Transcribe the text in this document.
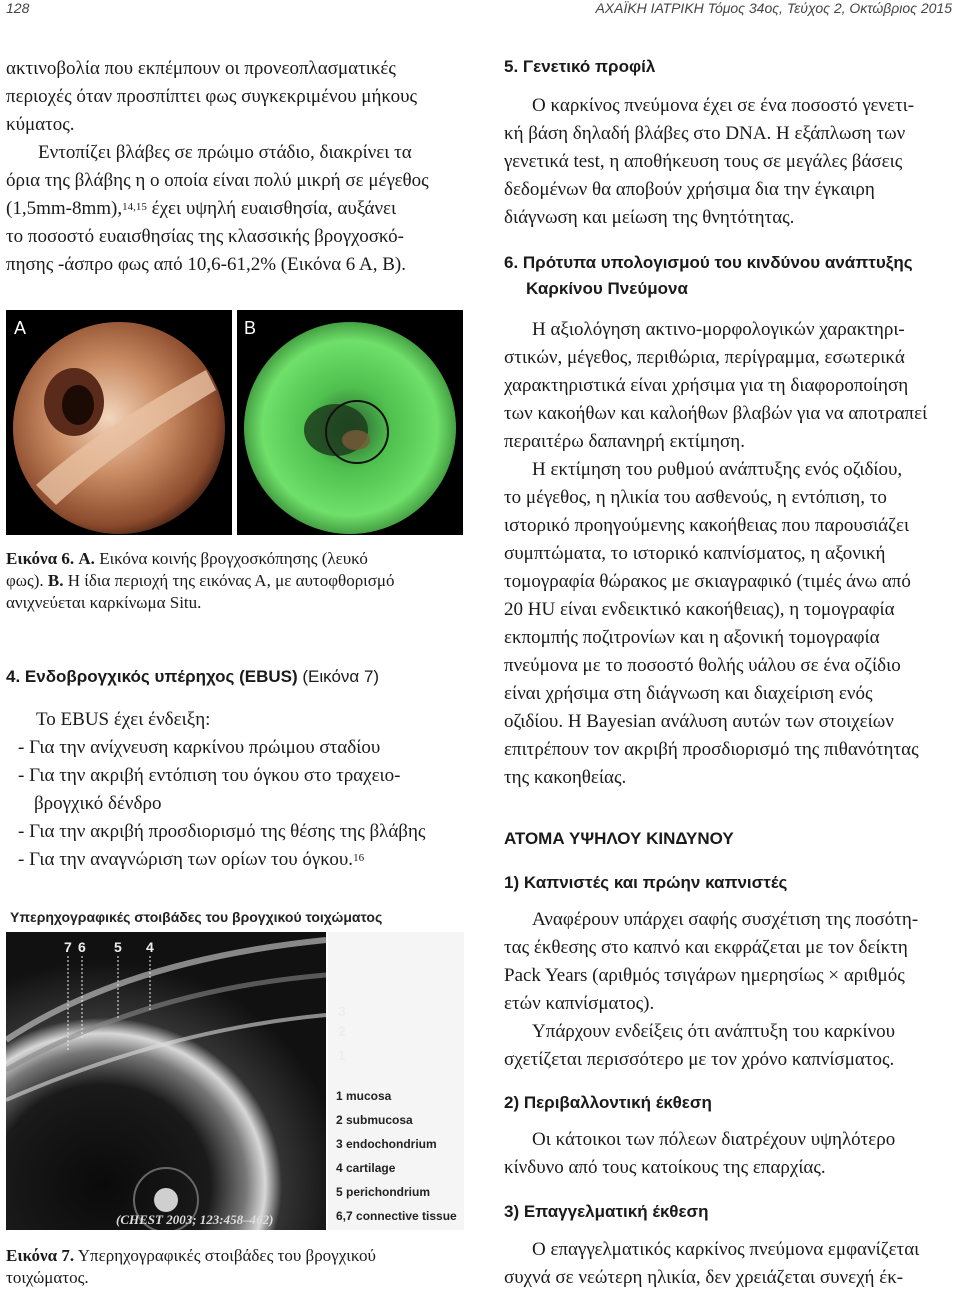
128	ΑΧΑΪΚΗ ΙΑΤΡΙΚΗ Τόμος 34ος, Τεύχος 2, Οκτώβριος 2015
ακτινοβολία που εκπέμπουν οι προνεοπλασματικές
περιοχές όταν προσπίπτει φως συγκεκριμένου μήκους
κύματος.
Εντοπίζει βλάβες σε πρώιμο στάδιο, διακρίνει τα
όρια της βλάβης η ο οποία είναι πολύ μικρή σε μέγεθος
(1,5mm-8mm),$^{14,15}$ έχει υψηλή ευαισθησία, αυξάνει
το ποσοστό ευαισθησίας της κλασσικής βρογχοσκό-
πησης -άσπρο φως από 10,6-61,2% (Εικόνα 6 Α, Β).
Α	Β
Εικόνα 6. Α. Εικόνα κοινής βρογχοσκόπησης (λευκό
φως). Β. Η ίδια περιοχή της εικόνας Α, με αυτοφθορισμό
ανιχνεύεται καρκίνωμα Situ.
4. Ενδοβρογχικός υπέρηχος (EBUS) (Εικόνα 7)
Το EBUS έχει ένδειξη:
- Για την ανίχνευση καρκίνου πρώιμου σταδίου
- Για την ακριβή εντόπιση του όγκου στο τραχειο-
βρογχικό δένδρο
- Για την ακριβή προσδιορισμό της θέσης της βλάβης
- Για την αναγνώριση των ορίων του όγκου.$^{16}$
Υπερηχογραφικές στοιβάδες του βρογχικού τοιχώματος
7 6 5 4
3
2
1
1 mucosa
2 submucosa
3 endochondrium
4 cartilage
5 perichondrium
6,7 connective tissue
(CHEST 2003; 123:458–462)
Εικόνα 7. Υπερηχογραφικές στοιβάδες του βρογχικού
τοιχώματος.
5. Γενετικό προφίλ
Ο καρκίνος πνεύμονα έχει σε ένα ποσοστό γενετι-
κή βάση δηλαδή βλάβες στο DNA. Η εξάπλωση των
γενετικά test, η αποθήκευση τους σε μεγάλες βάσεις
δεδομένων θα αποβούν χρήσιμα δια την έγκαιρη
διάγνωση και μείωση της θνητότητας.
6. Πρότυπα υπολογισμού του κινδύνου ανάπτυξης
Καρκίνου Πνεύμονα
Η αξιολόγηση ακτινο-μορφολογικών χαρακτηρι-
στικών, μέγεθος, περιθώρια, περίγραμμα, εσωτερικά
χαρακτηριστικά είναι χρήσιμα για τη διαφοροποίηση
των κακοήθων και καλοήθων βλαβών για να αποτραπεί
περαιτέρω δαπανηρή εκτίμηση.
Η εκτίμηση του ρυθμού ανάπτυξης ενός οζιδίου,
το μέγεθος, η ηλικία του ασθενούς, η εντόπιση, το
ιστορικό προηγούμενης κακοήθειας που παρουσιάζει
συμπτώματα, το ιστορικό καπνίσματος, η αξονική
τομογραφία θώρακος με σκιαγραφικό (τιμές άνω από
20 HU είναι ενδεικτικό κακοήθειας), η τομογραφία
εκπομπής ποζιτρονίων και η αξονική τομογραφία
πνεύμονα με το ποσοστό θολής υάλου σε ένα οζίδιο
είναι χρήσιμα στη διάγνωση και διαχείριση ενός
οζιδίου. Η Bayesian ανάλυση αυτών των στοιχείων
επιτρέπουν τον ακριβή προσδιορισμό της πιθανότητας
της κακοηθείας.
ΑΤΟΜΑ ΥΨΗΛΟΥ ΚΙΝΔΥΝΟΥ
1) Καπνιστές και πρώην καπνιστές
Αναφέρουν υπάρχει σαφής συσχέτιση της ποσότη-
τας έκθεσης στο καπνό και εκφράζεται με τον δείκτη
Pack Years (αριθμός τσιγάρων ημερησίως × αριθμός
ετών καπνίσματος).
Υπάρχουν ενδείξεις ότι ανάπτυξη του καρκίνου
σχετίζεται περισσότερο με τον χρόνο καπνίσματος.
2) Περιβαλλοντική έκθεση
Οι κάτοικοι των πόλεων διατρέχουν υψηλότερο
κίνδυνο από τους κατοίκους της επαρχίας.
3) Επαγγελματική έκθεση
Ο επαγγελματικός καρκίνος πνεύμονα εμφανίζεται
συχνά σε νεώτερη ηλικία, δεν χρειάζεται συνεχή έκ-
